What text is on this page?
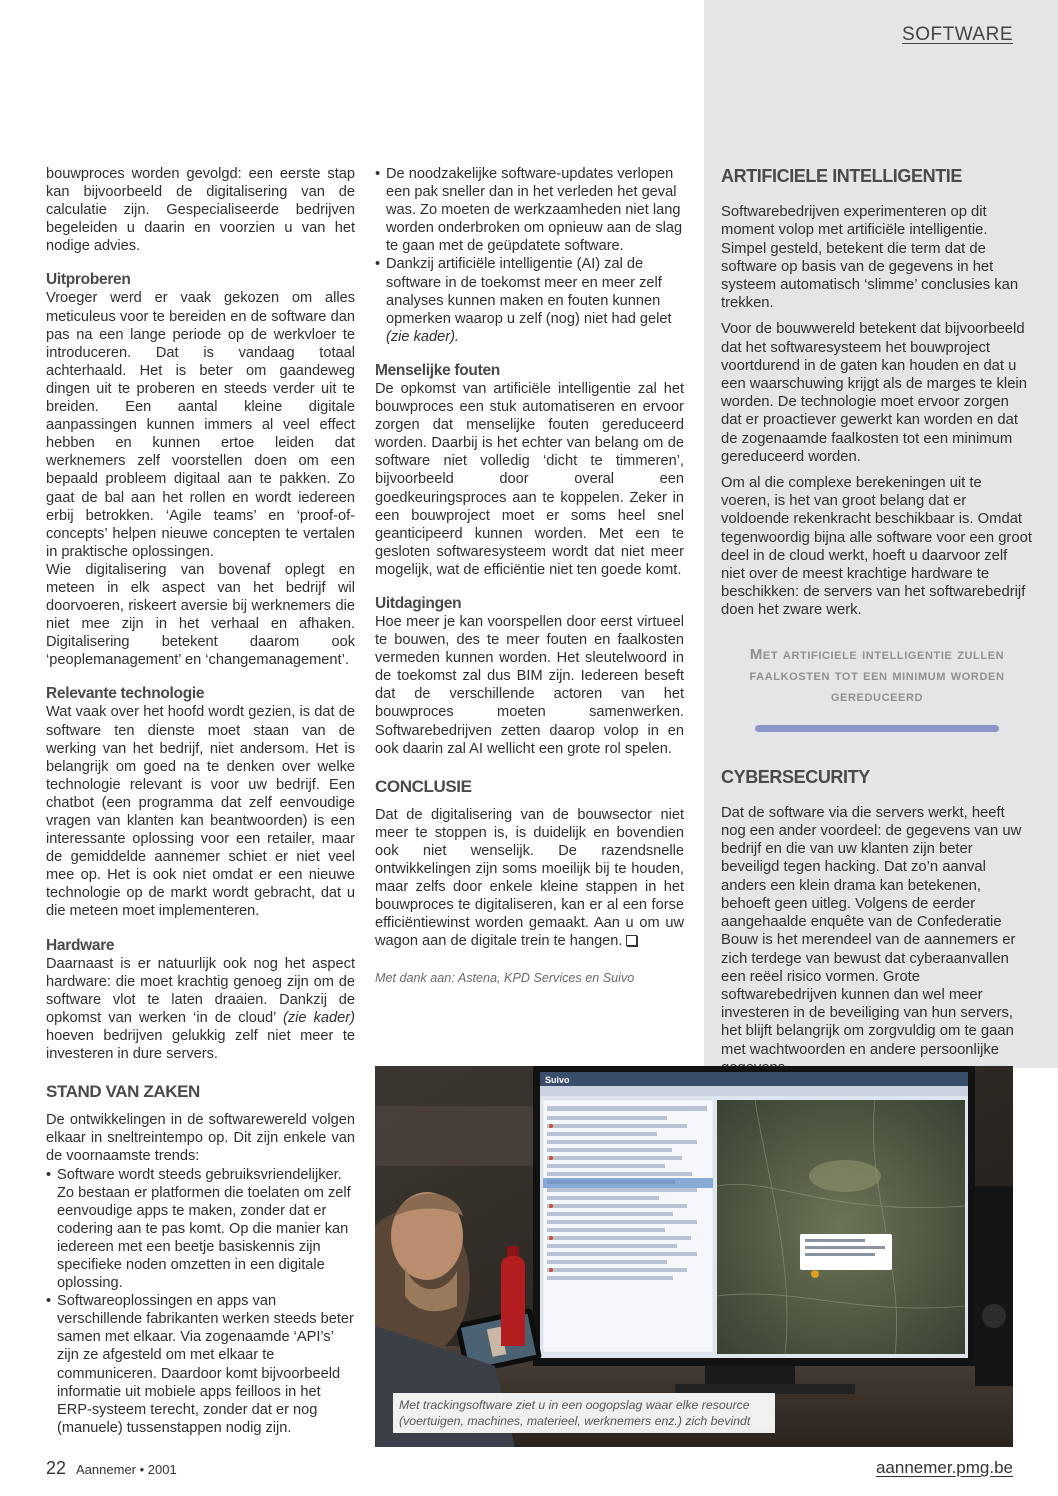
SOFTWARE

bouwproces worden gevolgd: een eerste stap kan bijvoorbeeld de digitalisering van de calculatie zijn. Gespecialiseerde bedrijven begeleiden u daarin en voorzien u van het nodige advies.

Uitproberen

Vroeger werd er vaak gekozen om alles meticuleus voor te bereiden en de software dan pas na een lange periode op de werkvloer te introduceren. Dat is vandaag totaal achterhaald. Het is beter om gaandeweg dingen uit te proberen en steeds verder uit te breiden. Een aantal kleine digitale aanpassingen kunnen immers al veel effect hebben en kunnen ertoe leiden dat werknemers zelf voorstellen doen om een bepaald probleem digitaal aan te pakken. Zo gaat de bal aan het rollen en wordt iedereen erbij betrokken. ‘Agile teams’ en ‘proof-of-concepts’ helpen nieuwe concepten te vertalen in praktische oplossingen.

Wie digitalisering van bovenaf oplegt en meteen in elk aspect van het bedrijf wil doorvoeren, riskeert aversie bij werknemers die niet mee zijn in het verhaal en afhaken. Digitalisering betekent daarom ook ‘peoplemanagement’ en ‘changemanagement’.

Relevante technologie

Wat vaak over het hoofd wordt gezien, is dat de software ten dienste moet staan van de werking van het bedrijf, niet andersom. Het is belangrijk om goed na te denken over welke technologie relevant is voor uw bedrijf. Een chatbot (een programma dat zelf eenvoudige vragen van klanten kan beantwoorden) is een interessante oplossing voor een retailer, maar de gemiddelde aannemer schiet er niet veel mee op. Het is ook niet omdat er een nieuwe technologie op de markt wordt gebracht, dat u die meteen moet implementeren.

Hardware

Daarnaast is er natuurlijk ook nog het aspect hardware: die moet krachtig genoeg zijn om de software vlot te laten draaien. Dankzij de opkomst van werken ‘in de cloud’ (zie kader) hoeven bedrijven gelukkig zelf niet meer te investeren in dure servers.

STAND VAN ZAKEN

De ontwikkelingen in de softwarewereld volgen elkaar in sneltreintempo op. Dit zijn enkele van de voornaamste trends:

• Software wordt steeds gebruiksvriendelijker. Zo bestaan er platformen die toelaten om zelf eenvoudige apps te maken, zonder dat er codering aan te pas komt. Op die manier kan iedereen met een beetje basiskennis zijn specifieke noden omzetten in een digitale oplossing.
• Softwareoplossingen en apps van verschillende fabrikanten werken steeds beter samen met elkaar. Via zogenaamde ‘API’s’ zijn ze afgesteld om met elkaar te communiceren. Daardoor komt bijvoorbeeld informatie uit mobiele apps feilloos in het ERP-systeem terecht, zonder dat er nog (manuele) tussenstappen nodig zijn.
• De noodzakelijke software-updates verlopen een pak sneller dan in het verleden het geval was. Zo moeten de werkzaamheden niet lang worden onderbroken om opnieuw aan de slag te gaan met de geüpdatete software.
• Dankzij artificiële intelligentie (AI) zal de software in de toekomst meer en meer zelf analyses kunnen maken en fouten kunnen opmerken waarop u zelf (nog) niet had gelet (zie kader).
Menselijke fouten

De opkomst van artificiële intelligentie zal het bouwproces een stuk automatiseren en ervoor zorgen dat menselijke fouten gereduceerd worden. Daarbij is het echter van belang om de software niet volledig ‘dicht te timmeren’, bijvoorbeeld door overal een goedkeuringsproces aan te koppelen. Zeker in een bouwproject moet er soms heel snel geanticipeerd kunnen worden. Met een te gesloten softwaresysteem wordt dat niet meer mogelijk, wat de efficiëntie niet ten goede komt.

Uitdagingen

Hoe meer je kan voorspellen door eerst virtueel te bouwen, des te meer fouten en faalkosten vermeden kunnen worden. Het sleutelwoord in de toekomst zal dus BIM zijn. Iedereen beseft dat de verschillende actoren van het bouwproces moeten samenwerken. Softwarebedrijven zetten daarop volop in en ook daarin zal AI wellicht een grote rol spelen.

CONCLUSIE

Dat de digitalisering van de bouwsector niet meer te stoppen is, is duidelijk en bovendien ook niet wenselijk. De razendsnelle ontwikkelingen zijn soms moeilijk bij te houden, maar zelfs door enkele kleine stappen in het bouwproces te digitaliseren, kan er al een forse efficiëntiewinst worden gemaakt. Aan u om uw wagon aan de digitale trein te hangen.

Met dank aan: Astena, KPD Services en Suivo

ARTIFICIELE INTELLIGENTIE

Softwarebedrijven experimenteren op dit moment volop met artificiële intelligentie. Simpel gesteld, betekent die term dat de software op basis van de gegevens in het systeem automatisch ‘slimme’ conclusies kan trekken.

Voor de bouwwereld betekent dat bijvoorbeeld dat het softwaresysteem het bouwproject voortdurend in de gaten kan houden en dat u een waarschuwing krijgt als de marges te klein worden. De technologie moet ervoor zorgen dat er proactiever gewerkt kan worden en dat de zogenaamde faalkosten tot een minimum gereduceerd worden.

Om al die complexe berekeningen uit te voeren, is het van groot belang dat er voldoende rekenkracht beschikbaar is. Omdat tegenwoordig bijna alle software voor een groot deel in de cloud werkt, hoeft u daarvoor zelf niet over de meest krachtige hardware te beschikken: de servers van het softwarebedrijf doen het zware werk.

Met artificiele intelligentie zullen faalkosten tot een minimum worden gereduceerd
CYBERSECURITY

Dat de software via die servers werkt, heeft nog een ander voordeel: de gegevens van uw bedrijf en die van uw klanten zijn beter beveiligd tegen hacking. Dat zo’n aanval anders een klein drama kan betekenen, behoeft geen uitleg. Volgens de eerder aangehaalde enquête van de Confederatie Bouw is het merendeel van de aannemers er zich terdege van bewust dat cyberaanvallen een reëel risico vormen. Grote softwarebedrijven kunnen dan wel meer investeren in de beveiliging van hun servers, het blijft belangrijk om zorgvuldig om te gaan met wachtwoorden en andere persoonlijke

Suivo
Met trackingsoftware ziet u in een oogopslag waar elke resource (voertuigen, machines, materieel, werknemers enz.) zich bevindt
22 Aannemer • 2001	aannemer.pmg.be
